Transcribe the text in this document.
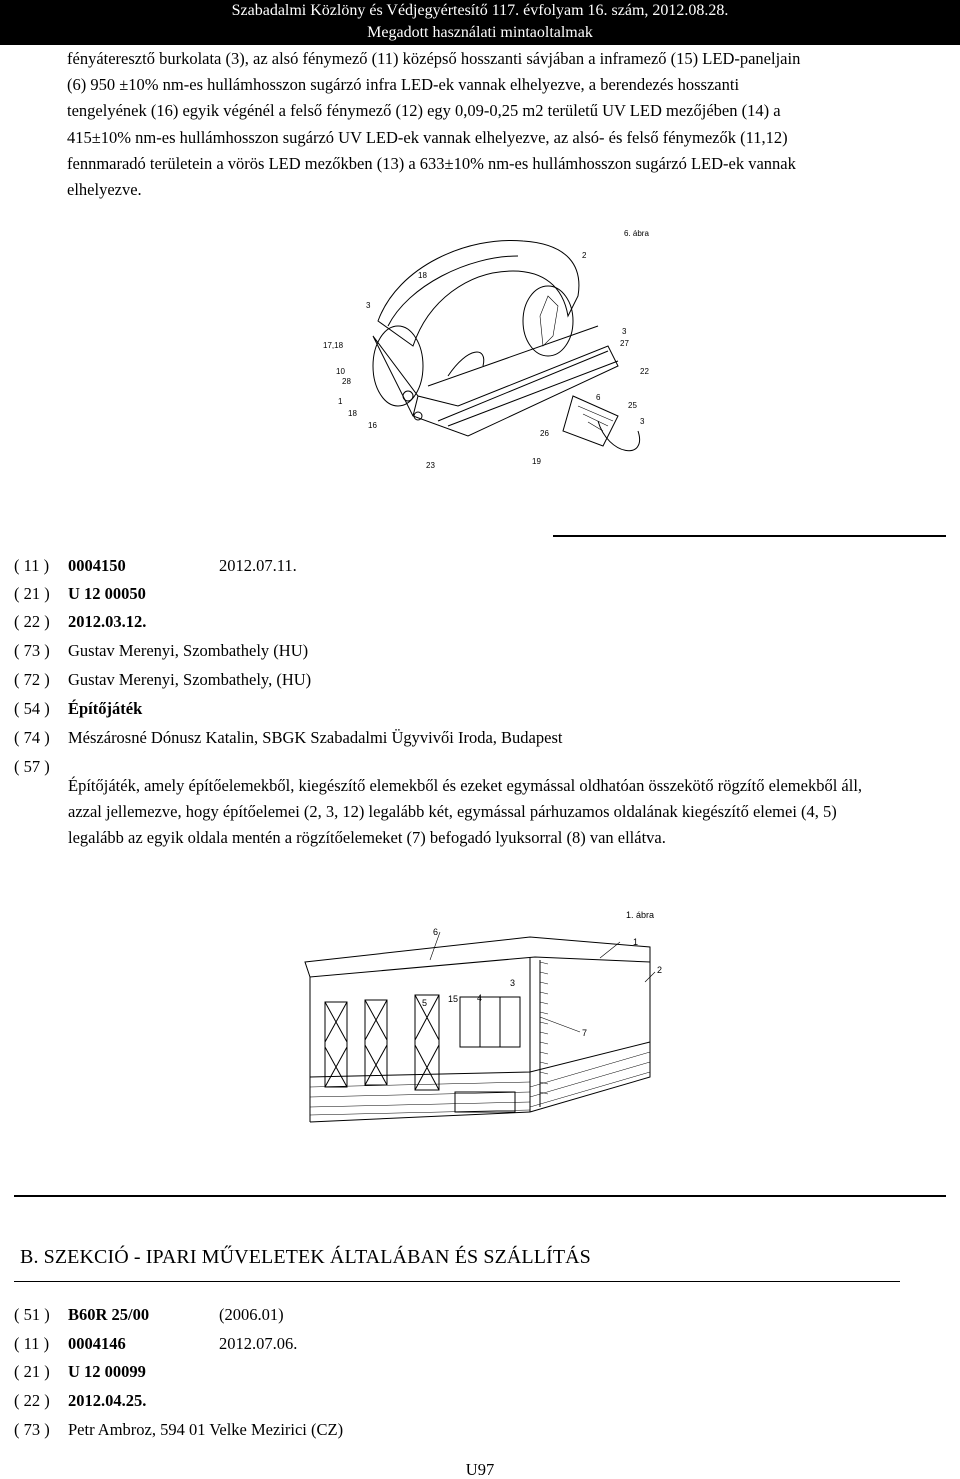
Szabadalmi Közlöny és Védjegyértesítő 117. évfolyam 16. szám, 2012.08.28.
Megadott használati mintaoltalmak
fényáteresztő burkolata (3), az alsó fénymező (11) középső hosszanti sávjában a inframező (15) LED-paneljain
(6) 950 ±10% nm-es hullámhosszon sugárzó infra LED-ek vannak elhelyezve, a berendezés hosszanti
tengelyének (16) egyik végénél a felső fénymező (12) egy 0,09-0,25 m2 területű UV LED mezőjében (14) a
415±10% nm-es hullámhosszon sugárzó UV LED-ek vannak elhelyezve, az alsó- és felső fénymezők (11,12)
fennmaradó területein a vörös LED mezőkben (13) a 633±10% nm-es hullámhosszon sugárzó LED-ek vannak
elhelyezve.
6. ábra
2
18
3
17,18
10
28
1
18
16
23
3
27
22
6
25
3
26
19
( 11 ) 0004150	2012.07.11.
( 21 ) U 12 00050
( 22 ) 2012.03.12.
( 73 ) Gustav Merenyi, Szombathely (HU)
( 72 ) Gustav Merenyi, Szombathely, (HU)
( 54 ) Építőjáték
( 74 ) Mészárosné Dónusz Katalin, SBGK Szabadalmi Ügyvivői Iroda, Budapest
( 57 )
Építőjáték, amely építőelemekből, kiegészítő elemekből és ezeket egymással oldhatóan összekötő rögzítő elemekből áll, azzal jellemezve, hogy építőelemei (2, 3, 12) legalább két, egymással párhuzamos oldalának kiegészítő elemei (4, 5) legalább az egyik oldala mentén a rögzítőelemeket (7) befogadó lyuksorral (8) van ellátva.
1. ábra
6
1
2
3
5 15 4
7
B. SZEKCIÓ - IPARI MŰVELETEK ÁLTALÁBAN ÉS SZÁLLÍTÁS
( 51 ) B60R 25/00	(2006.01)
( 11 ) 0004146	2012.07.06.
( 21 ) U 12 00099
( 22 ) 2012.04.25.
( 73 ) Petr Ambroz, 594 01 Velke Mezirici (CZ)
U97
